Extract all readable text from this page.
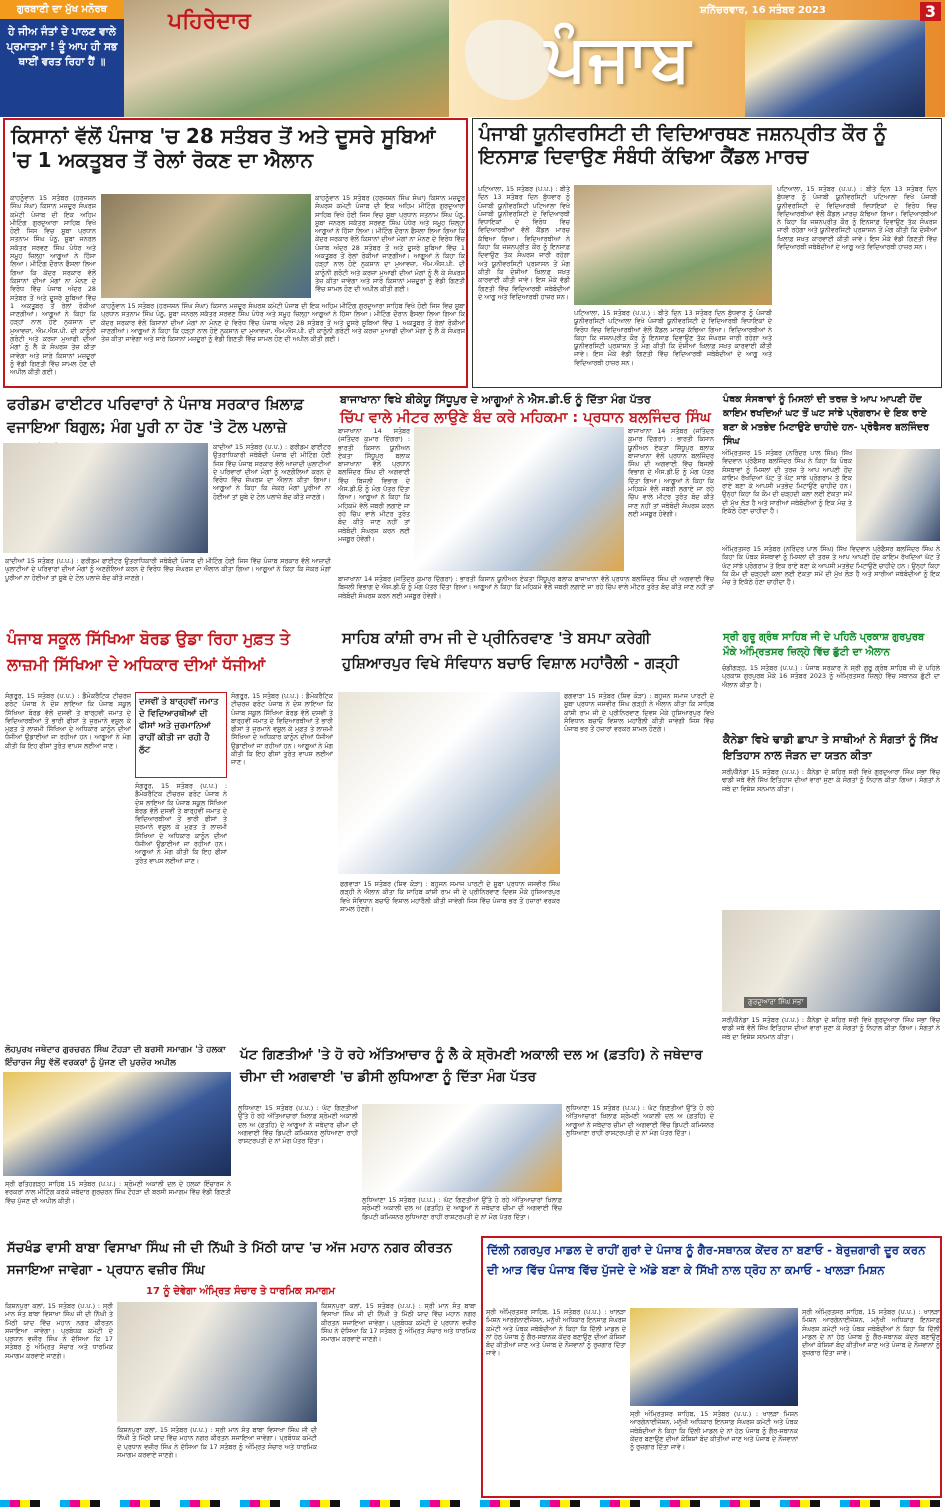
ਗੁਰਬਾਣੀ ਦਾ ਮੁੱਖ ਮਨੋਰਥ
ਹੇ ਜੀਅ ਜੰਤਾਂ ਦੇ ਪਾਲਣ ਵਾਲੇ ਪ੍ਰਮਾਤਮਾ ! ਤੂੰ ਆਪ ਹੀ ਸਭ ਥਾਈਂ ਵਰਤ ਰਿਹਾ ਹੈਂ ॥
ਪਹਿਰੇਦਾਰ
ਪੰਜਾਬ
ਸ਼ਨਿੱਚਰਵਾਰ, 16 ਸਤੰਬਰ 2023	3
ਕਿਸਾਨਾਂ ਵੱਲੋਂ ਪੰਜਾਬ 'ਚ 28 ਸਤੰਬਰ ਤੋਂ ਅਤੇ ਦੂਸਰੇ ਸੂਬਿਆਂ 'ਚ 1 ਅਕਤੂਬਰ ਤੋਂ ਰੇਲਾਂ ਰੋਕਣ ਦਾ ਐਲਾਨ
ਕਾਹਨੂੰਵਾਨ 15 ਸਤੰਬਰ (ਹਰਜਸ਼ਨ ਸਿੰਘ ਸੰਘਾ) ਕਿਸਾਨ ਮਜ਼ਦੂਰ ਸੰਘਰਸ਼ ਕਮੇਟੀ ਪੰਜਾਬ ਦੀ ਇਕ ਅਹਿਮ ਮੀਟਿੰਗ ਗੁਰਦੁਆਰਾ ਸਾਹਿਬ ਵਿਖੇ ਹੋਈ ਜਿਸ ਵਿਚ ਸੂਬਾ ਪ੍ਰਧਾਨ ਸਤਨਾਮ ਸਿੰਘ ਪੰਨੂ, ਸੂਬਾ ਜਨਰਲ ਸਕੱਤਰ ਸਰਵਣ ਸਿੰਘ ਪੰਧੇਰ ਅਤੇ ਸਮੂਹ ਜ਼ਿਲ੍ਹਾ ਆਗੂਆਂ ਨੇ ਹਿੱਸਾ ਲਿਆ। ਮੀਟਿੰਗ ਦੌਰਾਨ ਫੈਸਲਾ ਲਿਆ ਗਿਆ ਕਿ ਕੇਂਦਰ ਸਰਕਾਰ ਵੱਲੋਂ ਕਿਸਾਨਾਂ ਦੀਆਂ ਮੰਗਾਂ ਨਾ ਮੰਨਣ ਦੇ ਵਿਰੋਧ ਵਿੱਚ ਪੰਜਾਬ ਅੰਦਰ 28 ਸਤੰਬਰ ਤੋਂ ਅਤੇ ਦੂਸਰੇ ਸੂਬਿਆਂ ਵਿੱਚ 1 ਅਕਤੂਬਰ ਤੋਂ ਰੇਲਾਂ ਰੋਕੀਆਂ ਜਾਣਗੀਆਂ। ਆਗੂਆਂ ਨੇ ਕਿਹਾ ਕਿ ਹੜ੍ਹਾਂ ਨਾਲ ਹੋਏ ਨੁਕਸਾਨ ਦਾ ਮੁਆਵਜ਼ਾ, ਐਮ.ਐਸ.ਪੀ. ਦੀ ਕਾਨੂੰਨੀ ਗਰੰਟੀ ਅਤੇ ਕਰਜ਼ਾ ਮੁਆਫੀ ਦੀਆਂ ਮੰਗਾਂ ਨੂੰ ਲੈ ਕੇ ਸੰਘਰਸ਼ ਤੇਜ਼ ਕੀਤਾ ਜਾਵੇਗਾ ਅਤੇ ਸਾਰੇ ਕਿਸਾਨਾਂ ਮਜ਼ਦੂਰਾਂ ਨੂੰ ਵੱਡੀ ਗਿਣਤੀ ਵਿੱਚ ਸ਼ਾਮਲ ਹੋਣ ਦੀ ਅਪੀਲ ਕੀਤੀ ਗਈ।
ਕਾਹਨੂੰਵਾਨ 15 ਸਤੰਬਰ (ਹਰਜਸ਼ਨ ਸਿੰਘ ਸੰਘਾ) ਕਿਸਾਨ ਮਜ਼ਦੂਰ ਸੰਘਰਸ਼ ਕਮੇਟੀ ਪੰਜਾਬ ਦੀ ਇਕ ਅਹਿਮ ਮੀਟਿੰਗ ਗੁਰਦੁਆਰਾ ਸਾਹਿਬ ਵਿਖੇ ਹੋਈ ਜਿਸ ਵਿਚ ਸੂਬਾ ਪ੍ਰਧਾਨ ਸਤਨਾਮ ਸਿੰਘ ਪੰਨੂ, ਸੂਬਾ ਜਨਰਲ ਸਕੱਤਰ ਸਰਵਣ ਸਿੰਘ ਪੰਧੇਰ ਅਤੇ ਸਮੂਹ ਜ਼ਿਲ੍ਹਾ ਆਗੂਆਂ ਨੇ ਹਿੱਸਾ ਲਿਆ। ਮੀਟਿੰਗ ਦੌਰਾਨ ਫੈਸਲਾ ਲਿਆ ਗਿਆ ਕਿ ਕੇਂਦਰ ਸਰਕਾਰ ਵੱਲੋਂ ਕਿਸਾਨਾਂ ਦੀਆਂ ਮੰਗਾਂ ਨਾ ਮੰਨਣ ਦੇ ਵਿਰੋਧ ਵਿੱਚ ਪੰਜਾਬ ਅੰਦਰ 28 ਸਤੰਬਰ ਤੋਂ ਅਤੇ ਦੂਸਰੇ ਸੂਬਿਆਂ ਵਿੱਚ 1 ਅਕਤੂਬਰ ਤੋਂ ਰੇਲਾਂ ਰੋਕੀਆਂ ਜਾਣਗੀਆਂ। ਆਗੂਆਂ ਨੇ ਕਿਹਾ ਕਿ ਹੜ੍ਹਾਂ ਨਾਲ ਹੋਏ ਨੁਕਸਾਨ ਦਾ ਮੁਆਵਜ਼ਾ, ਐਮ.ਐਸ.ਪੀ. ਦੀ ਕਾਨੂੰਨੀ ਗਰੰਟੀ ਅਤੇ ਕਰਜ਼ਾ ਮੁਆਫੀ ਦੀਆਂ ਮੰਗਾਂ ਨੂੰ ਲੈ ਕੇ ਸੰਘਰਸ਼ ਤੇਜ਼ ਕੀਤਾ ਜਾਵੇਗਾ ਅਤੇ ਸਾਰੇ ਕਿਸਾਨਾਂ ਮਜ਼ਦੂਰਾਂ ਨੂੰ ਵੱਡੀ ਗਿਣਤੀ ਵਿੱਚ ਸ਼ਾਮਲ ਹੋਣ ਦੀ ਅਪੀਲ ਕੀਤੀ ਗਈ।
ਕਾਹਨੂੰਵਾਨ 15 ਸਤੰਬਰ (ਹਰਜਸ਼ਨ ਸਿੰਘ ਸੰਘਾ) ਕਿਸਾਨ ਮਜ਼ਦੂਰ ਸੰਘਰਸ਼ ਕਮੇਟੀ ਪੰਜਾਬ ਦੀ ਇਕ ਅਹਿਮ ਮੀਟਿੰਗ ਗੁਰਦੁਆਰਾ ਸਾਹਿਬ ਵਿਖੇ ਹੋਈ ਜਿਸ ਵਿਚ ਸੂਬਾ ਪ੍ਰਧਾਨ ਸਤਨਾਮ ਸਿੰਘ ਪੰਨੂ, ਸੂਬਾ ਜਨਰਲ ਸਕੱਤਰ ਸਰਵਣ ਸਿੰਘ ਪੰਧੇਰ ਅਤੇ ਸਮੂਹ ਜ਼ਿਲ੍ਹਾ ਆਗੂਆਂ ਨੇ ਹਿੱਸਾ ਲਿਆ। ਮੀਟਿੰਗ ਦੌਰਾਨ ਫੈਸਲਾ ਲਿਆ ਗਿਆ ਕਿ ਕੇਂਦਰ ਸਰਕਾਰ ਵੱਲੋਂ ਕਿਸਾਨਾਂ ਦੀਆਂ ਮੰਗਾਂ ਨਾ ਮੰਨਣ ਦੇ ਵਿਰੋਧ ਵਿੱਚ ਪੰਜਾਬ ਅੰਦਰ 28 ਸਤੰਬਰ ਤੋਂ ਅਤੇ ਦੂਸਰੇ ਸੂਬਿਆਂ ਵਿੱਚ 1 ਅਕਤੂਬਰ ਤੋਂ ਰੇਲਾਂ ਰੋਕੀਆਂ ਜਾਣਗੀਆਂ। ਆਗੂਆਂ ਨੇ ਕਿਹਾ ਕਿ ਹੜ੍ਹਾਂ ਨਾਲ ਹੋਏ ਨੁਕਸਾਨ ਦਾ ਮੁਆਵਜ਼ਾ, ਐਮ.ਐਸ.ਪੀ. ਦੀ ਕਾਨੂੰਨੀ ਗਰੰਟੀ ਅਤੇ ਕਰਜ਼ਾ ਮੁਆਫੀ ਦੀਆਂ ਮੰਗਾਂ ਨੂੰ ਲੈ ਕੇ ਸੰਘਰਸ਼ ਤੇਜ਼ ਕੀਤਾ ਜਾਵੇਗਾ ਅਤੇ ਸਾਰੇ ਕਿਸਾਨਾਂ ਮਜ਼ਦੂਰਾਂ ਨੂੰ ਵੱਡੀ ਗਿਣਤੀ ਵਿੱਚ ਸ਼ਾਮਲ ਹੋਣ ਦੀ ਅਪੀਲ ਕੀਤੀ ਗਈ।
ਪੰਜਾਬੀ ਯੂਨੀਵਰਸਿਟੀ ਦੀ ਵਿਦਿਆਰਥਣ ਜਸ਼ਨਪ੍ਰੀਤ ਕੌਰ ਨੂੰ ਇਨਸਾਫ਼ ਦਿਵਾਉਣ ਸੰਬੰਧੀ ਕੱਢਿਆ ਕੈਂਡਲ ਮਾਰਚ
ਪਟਿਆਲਾ, 15 ਸਤੰਬਰ (ਪ.ਪ.) : ਬੀਤੇ ਦਿਨ 13 ਸਤੰਬਰ ਦਿਨ ਬੁੱਧਵਾਰ ਨੂੰ ਪੰਜਾਬੀ ਯੂਨੀਵਰਸਿਟੀ ਪਟਿਆਲਾ ਵਿਖੇ ਪੰਜਾਬੀ ਯੂਨੀਵਰਸਿਟੀ ਦੇ ਵਿਦਿਆਰਥੀ ਵਿਧਾਇਕਾਂ ਦੇ ਵਿਰੋਧ ਵਿਚ ਵਿਦਿਆਰਥੀਆਂ ਵੱਲੋਂ ਕੈਂਡਲ ਮਾਰਚ ਕੱਢਿਆ ਗਿਆ। ਵਿਦਿਆਰਥੀਆਂ ਨੇ ਕਿਹਾ ਕਿ ਜਸ਼ਨਪ੍ਰੀਤ ਕੌਰ ਨੂੰ ਇਨਸਾਫ਼ ਦਿਵਾਉਣ ਤੱਕ ਸੰਘਰਸ਼ ਜਾਰੀ ਰਹੇਗਾ ਅਤੇ ਯੂਨੀਵਰਸਿਟੀ ਪ੍ਰਸ਼ਾਸਨ ਤੋਂ ਮੰਗ ਕੀਤੀ ਕਿ ਦੋਸ਼ੀਆਂ ਖ਼ਿਲਾਫ਼ ਸਖ਼ਤ ਕਾਰਵਾਈ ਕੀਤੀ ਜਾਵੇ। ਇਸ ਮੌਕੇ ਵੱਡੀ ਗਿਣਤੀ ਵਿੱਚ ਵਿਦਿਆਰਥੀ ਜਥੇਬੰਦੀਆਂ ਦੇ ਆਗੂ ਅਤੇ ਵਿਦਿਆਰਥੀ ਹਾਜ਼ਰ ਸਨ।
ਪਟਿਆਲਾ, 15 ਸਤੰਬਰ (ਪ.ਪ.) : ਬੀਤੇ ਦਿਨ 13 ਸਤੰਬਰ ਦਿਨ ਬੁੱਧਵਾਰ ਨੂੰ ਪੰਜਾਬੀ ਯੂਨੀਵਰਸਿਟੀ ਪਟਿਆਲਾ ਵਿਖੇ ਪੰਜਾਬੀ ਯੂਨੀਵਰਸਿਟੀ ਦੇ ਵਿਦਿਆਰਥੀ ਵਿਧਾਇਕਾਂ ਦੇ ਵਿਰੋਧ ਵਿਚ ਵਿਦਿਆਰਥੀਆਂ ਵੱਲੋਂ ਕੈਂਡਲ ਮਾਰਚ ਕੱਢਿਆ ਗਿਆ। ਵਿਦਿਆਰਥੀਆਂ ਨੇ ਕਿਹਾ ਕਿ ਜਸ਼ਨਪ੍ਰੀਤ ਕੌਰ ਨੂੰ ਇਨਸਾਫ਼ ਦਿਵਾਉਣ ਤੱਕ ਸੰਘਰਸ਼ ਜਾਰੀ ਰਹੇਗਾ ਅਤੇ ਯੂਨੀਵਰਸਿਟੀ ਪ੍ਰਸ਼ਾਸਨ ਤੋਂ ਮੰਗ ਕੀਤੀ ਕਿ ਦੋਸ਼ੀਆਂ ਖ਼ਿਲਾਫ਼ ਸਖ਼ਤ ਕਾਰਵਾਈ ਕੀਤੀ ਜਾਵੇ। ਇਸ ਮੌਕੇ ਵੱਡੀ ਗਿਣਤੀ ਵਿੱਚ ਵਿਦਿਆਰਥੀ ਜਥੇਬੰਦੀਆਂ ਦੇ ਆਗੂ ਅਤੇ ਵਿਦਿਆਰਥੀ ਹਾਜ਼ਰ ਸਨ।
ਪਟਿਆਲਾ, 15 ਸਤੰਬਰ (ਪ.ਪ.) : ਬੀਤੇ ਦਿਨ 13 ਸਤੰਬਰ ਦਿਨ ਬੁੱਧਵਾਰ ਨੂੰ ਪੰਜਾਬੀ ਯੂਨੀਵਰਸਿਟੀ ਪਟਿਆਲਾ ਵਿਖੇ ਪੰਜਾਬੀ ਯੂਨੀਵਰਸਿਟੀ ਦੇ ਵਿਦਿਆਰਥੀ ਵਿਧਾਇਕਾਂ ਦੇ ਵਿਰੋਧ ਵਿਚ ਵਿਦਿਆਰਥੀਆਂ ਵੱਲੋਂ ਕੈਂਡਲ ਮਾਰਚ ਕੱਢਿਆ ਗਿਆ। ਵਿਦਿਆਰਥੀਆਂ ਨੇ ਕਿਹਾ ਕਿ ਜਸ਼ਨਪ੍ਰੀਤ ਕੌਰ ਨੂੰ ਇਨਸਾਫ਼ ਦਿਵਾਉਣ ਤੱਕ ਸੰਘਰਸ਼ ਜਾਰੀ ਰਹੇਗਾ ਅਤੇ ਯੂਨੀਵਰਸਿਟੀ ਪ੍ਰਸ਼ਾਸਨ ਤੋਂ ਮੰਗ ਕੀਤੀ ਕਿ ਦੋਸ਼ੀਆਂ ਖ਼ਿਲਾਫ਼ ਸਖ਼ਤ ਕਾਰਵਾਈ ਕੀਤੀ ਜਾਵੇ। ਇਸ ਮੌਕੇ ਵੱਡੀ ਗਿਣਤੀ ਵਿੱਚ ਵਿਦਿਆਰਥੀ ਜਥੇਬੰਦੀਆਂ ਦੇ ਆਗੂ ਅਤੇ ਵਿਦਿਆਰਥੀ ਹਾਜ਼ਰ ਸਨ।
ਫਰੀਡਮ ਫਾਈਟਰ ਪਰਿਵਾਰਾਂ ਨੇ ਪੰਜਾਬ ਸਰਕਾਰ ਖ਼ਿਲਾਫ਼ ਵਜਾਇਆ ਬਿਗੁਲ; ਮੰਗ ਪੂਰੀ ਨਾ ਹੋਣ 'ਤੇ ਟੋਲ ਪਲਾਜ਼ੇ
ਕਾਦੀਆਂ 15 ਸਤੰਬਰ (ਪ.ਪ.) : ਫਰੀਡਮ ਫਾਈਟਰ ਉਤਰਾਧਿਕਾਰੀ ਜਥੇਬੰਦੀ ਪੰਜਾਬ ਦੀ ਮੀਟਿੰਗ ਹੋਈ ਜਿਸ ਵਿੱਚ ਪੰਜਾਬ ਸਰਕਾਰ ਵੱਲੋਂ ਆਜ਼ਾਦੀ ਘੁਲਾਟੀਆਂ ਦੇ ਪਰਿਵਾਰਾਂ ਦੀਆਂ ਮੰਗਾਂ ਨੂੰ ਅਣਗੌਲਿਆਂ ਕਰਨ ਦੇ ਵਿਰੋਧ ਵਿੱਚ ਸੰਘਰਸ਼ ਦਾ ਐਲਾਨ ਕੀਤਾ ਗਿਆ। ਆਗੂਆਂ ਨੇ ਕਿਹਾ ਕਿ ਜੇਕਰ ਮੰਗਾਂ ਪੂਰੀਆਂ ਨਾ ਹੋਈਆਂ ਤਾਂ ਸੂਬੇ ਦੇ ਟੋਲ ਪਲਾਜ਼ੇ ਬੰਦ ਕੀਤੇ ਜਾਣਗੇ।
ਕਾਦੀਆਂ 15 ਸਤੰਬਰ (ਪ.ਪ.) : ਫਰੀਡਮ ਫਾਈਟਰ ਉਤਰਾਧਿਕਾਰੀ ਜਥੇਬੰਦੀ ਪੰਜਾਬ ਦੀ ਮੀਟਿੰਗ ਹੋਈ ਜਿਸ ਵਿੱਚ ਪੰਜਾਬ ਸਰਕਾਰ ਵੱਲੋਂ ਆਜ਼ਾਦੀ ਘੁਲਾਟੀਆਂ ਦੇ ਪਰਿਵਾਰਾਂ ਦੀਆਂ ਮੰਗਾਂ ਨੂੰ ਅਣਗੌਲਿਆਂ ਕਰਨ ਦੇ ਵਿਰੋਧ ਵਿੱਚ ਸੰਘਰਸ਼ ਦਾ ਐਲਾਨ ਕੀਤਾ ਗਿਆ। ਆਗੂਆਂ ਨੇ ਕਿਹਾ ਕਿ ਜੇਕਰ ਮੰਗਾਂ ਪੂਰੀਆਂ ਨਾ ਹੋਈਆਂ ਤਾਂ ਸੂਬੇ ਦੇ ਟੋਲ ਪਲਾਜ਼ੇ ਬੰਦ ਕੀਤੇ ਜਾਣਗੇ।
ਬਾਜਾਖਾਨਾ ਵਿਖੇ ਬੀਕੇਯੂ ਸਿੱਧੂਪੁਰ ਦੇ ਆਗੂਆਂ ਨੇ ਐਸ.ਡੀ.ਓ ਨੂੰ ਦਿੱਤਾ ਮੰਗ ਪੱਤਰ
ਚਿੱਪ ਵਾਲੇ ਮੀਟਰ ਲਾਉਣੇ ਬੰਦ ਕਰੇ ਮਹਿਕਮਾ : ਪ੍ਰਧਾਨ ਬਲਜਿੰਦਰ ਸਿੰਘ
ਬਾਜਾਖਾਨਾ 14 ਸਤੰਬਰ (ਜਤਿੰਦਰ ਕੁਮਾਰ ਦਿੱਗਰਾ) : ਭਾਰਤੀ ਕਿਸਾਨ ਯੂਨੀਅਨ ਏਕਤਾ ਸਿੱਧੂਪੁਰ ਬਲਾਕ ਬਾਜਾਖਾਨਾ ਵੱਲੋਂ ਪ੍ਰਧਾਨ ਬਲਜਿੰਦਰ ਸਿੰਘ ਦੀ ਅਗਵਾਈ ਵਿੱਚ ਬਿਜਲੀ ਵਿਭਾਗ ਦੇ ਐਸ.ਡੀ.ਓ ਨੂੰ ਮੰਗ ਪੱਤਰ ਦਿੱਤਾ ਗਿਆ। ਆਗੂਆਂ ਨੇ ਕਿਹਾ ਕਿ ਮਹਿਕਮੇ ਵੱਲੋਂ ਜਬਰੀ ਲਗਾਏ ਜਾ ਰਹੇ ਚਿੱਪ ਵਾਲੇ ਮੀਟਰ ਤੁਰੰਤ ਬੰਦ ਕੀਤੇ ਜਾਣ ਨਹੀਂ ਤਾਂ ਜਥੇਬੰਦੀ ਸੰਘਰਸ਼ ਕਰਨ ਲਈ ਮਜਬੂਰ ਹੋਵੇਗੀ।
ਬਾਜਾਖਾਨਾ 14 ਸਤੰਬਰ (ਜਤਿੰਦਰ ਕੁਮਾਰ ਦਿੱਗਰਾ) : ਭਾਰਤੀ ਕਿਸਾਨ ਯੂਨੀਅਨ ਏਕਤਾ ਸਿੱਧੂਪੁਰ ਬਲਾਕ ਬਾਜਾਖਾਨਾ ਵੱਲੋਂ ਪ੍ਰਧਾਨ ਬਲਜਿੰਦਰ ਸਿੰਘ ਦੀ ਅਗਵਾਈ ਵਿੱਚ ਬਿਜਲੀ ਵਿਭਾਗ ਦੇ ਐਸ.ਡੀ.ਓ ਨੂੰ ਮੰਗ ਪੱਤਰ ਦਿੱਤਾ ਗਿਆ। ਆਗੂਆਂ ਨੇ ਕਿਹਾ ਕਿ ਮਹਿਕਮੇ ਵੱਲੋਂ ਜਬਰੀ ਲਗਾਏ ਜਾ ਰਹੇ ਚਿੱਪ ਵਾਲੇ ਮੀਟਰ ਤੁਰੰਤ ਬੰਦ ਕੀਤੇ ਜਾਣ ਨਹੀਂ ਤਾਂ ਜਥੇਬੰਦੀ ਸੰਘਰਸ਼ ਕਰਨ ਲਈ ਮਜਬੂਰ ਹੋਵੇਗੀ।
ਬਾਜਾਖਾਨਾ 14 ਸਤੰਬਰ (ਜਤਿੰਦਰ ਕੁਮਾਰ ਦਿੱਗਰਾ) : ਭਾਰਤੀ ਕਿਸਾਨ ਯੂਨੀਅਨ ਏਕਤਾ ਸਿੱਧੂਪੁਰ ਬਲਾਕ ਬਾਜਾਖਾਨਾ ਵੱਲੋਂ ਪ੍ਰਧਾਨ ਬਲਜਿੰਦਰ ਸਿੰਘ ਦੀ ਅਗਵਾਈ ਵਿੱਚ ਬਿਜਲੀ ਵਿਭਾਗ ਦੇ ਐਸ.ਡੀ.ਓ ਨੂੰ ਮੰਗ ਪੱਤਰ ਦਿੱਤਾ ਗਿਆ। ਆਗੂਆਂ ਨੇ ਕਿਹਾ ਕਿ ਮਹਿਕਮੇ ਵੱਲੋਂ ਜਬਰੀ ਲਗਾਏ ਜਾ ਰਹੇ ਚਿੱਪ ਵਾਲੇ ਮੀਟਰ ਤੁਰੰਤ ਬੰਦ ਕੀਤੇ ਜਾਣ ਨਹੀਂ ਤਾਂ ਜਥੇਬੰਦੀ ਸੰਘਰਸ਼ ਕਰਨ ਲਈ ਮਜਬੂਰ ਹੋਵੇਗੀ।
ਪੰਥਕ ਸੰਸਥਾਵਾਂ ਨੂੰ ਮਿਸਲਾਂ ਦੀ ਤਰਜ਼ ਤੇ ਆਪ ਆਪਣੀ ਹੋਂਦ ਕਾਇਮ ਰਖਦਿਆਂ ਘਟ ਤੋਂ ਘਟ ਸਾਂਝੇ ਪ੍ਰੋਗਰਾਮ ਦੇ ਇਕ ਰਾਏ ਬਣਾ ਕੇ ਮਤਭੇਦ ਮਿਟਾਉਣੇ ਚਾਹੀਦੇ ਹਨ- ਪ੍ਰੋਫੈਸਰ ਬਲਜਿੰਦਰ ਸਿੰਘ
ਅੰਮ੍ਰਿਤਸਰ 15 ਸਤੰਬਰ (ਨਰਿੰਦਰ ਪਾਲ ਸਿੰਘ) ਸਿੱਖ ਵਿਦਵਾਨ ਪ੍ਰੋਫੈਸਰ ਬਲਜਿੰਦਰ ਸਿੰਘ ਨੇ ਕਿਹਾ ਕਿ ਪੰਥਕ ਸੰਸਥਾਵਾਂ ਨੂੰ ਮਿਸਲਾਂ ਦੀ ਤਰਜ਼ ਤੇ ਆਪ ਆਪਣੀ ਹੋਂਦ ਕਾਇਮ ਰੱਖਦਿਆਂ ਘੱਟ ਤੋਂ ਘੱਟ ਸਾਂਝੇ ਪ੍ਰੋਗਰਾਮ ਤੇ ਇਕ ਰਾਏ ਬਣਾ ਕੇ ਆਪਸੀ ਮਤਭੇਦ ਮਿਟਾਉਣੇ ਚਾਹੀਦੇ ਹਨ। ਉਨ੍ਹਾਂ ਕਿਹਾ ਕਿ ਕੌਮ ਦੀ ਚੜ੍ਹਦੀ ਕਲਾ ਲਈ ਏਕਤਾ ਸਮੇਂ ਦੀ ਮੁੱਖ ਲੋੜ ਹੈ ਅਤੇ ਸਾਰੀਆਂ ਜਥੇਬੰਦੀਆਂ ਨੂੰ ਇਕ ਮੰਚ ਤੇ ਇਕੱਠੇ ਹੋਣਾ ਚਾਹੀਦਾ ਹੈ।
ਅੰਮ੍ਰਿਤਸਰ 15 ਸਤੰਬਰ (ਨਰਿੰਦਰ ਪਾਲ ਸਿੰਘ) ਸਿੱਖ ਵਿਦਵਾਨ ਪ੍ਰੋਫੈਸਰ ਬਲਜਿੰਦਰ ਸਿੰਘ ਨੇ ਕਿਹਾ ਕਿ ਪੰਥਕ ਸੰਸਥਾਵਾਂ ਨੂੰ ਮਿਸਲਾਂ ਦੀ ਤਰਜ਼ ਤੇ ਆਪ ਆਪਣੀ ਹੋਂਦ ਕਾਇਮ ਰੱਖਦਿਆਂ ਘੱਟ ਤੋਂ ਘੱਟ ਸਾਂਝੇ ਪ੍ਰੋਗਰਾਮ ਤੇ ਇਕ ਰਾਏ ਬਣਾ ਕੇ ਆਪਸੀ ਮਤਭੇਦ ਮਿਟਾਉਣੇ ਚਾਹੀਦੇ ਹਨ। ਉਨ੍ਹਾਂ ਕਿਹਾ ਕਿ ਕੌਮ ਦੀ ਚੜ੍ਹਦੀ ਕਲਾ ਲਈ ਏਕਤਾ ਸਮੇਂ ਦੀ ਮੁੱਖ ਲੋੜ ਹੈ ਅਤੇ ਸਾਰੀਆਂ ਜਥੇਬੰਦੀਆਂ ਨੂੰ ਇਕ ਮੰਚ ਤੇ ਇਕੱਠੇ ਹੋਣਾ ਚਾਹੀਦਾ ਹੈ।
ਪੰਜਾਬ ਸਕੂਲ ਸਿੱਖਿਆ ਬੋਰਡ ਉਡਾ ਰਿਹਾ ਮੁਫ਼ਤ ਤੇ ਲਾਜ਼ਮੀ ਸਿੱਖਿਆ ਦੇ ਅਧਿਕਾਰ ਦੀਆਂ ਧੱਜੀਆਂ
ਸੰਗਰੂਰ, 15 ਸਤੰਬਰ (ਪ.ਪ.) : ਡੈਮੋਕਰੈਟਿਕ ਟੀਚਰਜ਼ ਫਰੰਟ ਪੰਜਾਬ ਨੇ ਦੋਸ਼ ਲਾਇਆ ਕਿ ਪੰਜਾਬ ਸਕੂਲ ਸਿੱਖਿਆ ਬੋਰਡ ਵੱਲੋਂ ਦਸਵੀਂ ਤੇ ਬਾਰ੍ਹਵੀਂ ਜਮਾਤ ਦੇ ਵਿਦਿਆਰਥੀਆਂ ਤੋਂ ਭਾਰੀ ਫੀਸਾਂ ਤੇ ਜੁਰਮਾਨੇ ਵਸੂਲ ਕੇ ਮੁਫ਼ਤ ਤੇ ਲਾਜ਼ਮੀ ਸਿੱਖਿਆ ਦੇ ਅਧਿਕਾਰ ਕਾਨੂੰਨ ਦੀਆਂ ਧੱਜੀਆਂ ਉਡਾਈਆਂ ਜਾ ਰਹੀਆਂ ਹਨ। ਆਗੂਆਂ ਨੇ ਮੰਗ ਕੀਤੀ ਕਿ ਇਹ ਫੀਸਾਂ ਤੁਰੰਤ ਵਾਪਸ ਲਈਆਂ ਜਾਣ।
ਦਸਵੀਂ ਤੇ ਬਾਰ੍ਹਵੀਂ ਜਮਾਤ ਦੇ ਵਿਦਿਆਰਥੀਆਂ ਦੀ ਫੀਸਾਂ ਅਤੇ ਜੁਰਮਾਨਿਆਂ ਰਾਹੀਂ ਕੀਤੀ ਜਾ ਰਹੀ ਹੈ ਲੁੱਟ
ਸੰਗਰੂਰ, 15 ਸਤੰਬਰ (ਪ.ਪ.) : ਡੈਮੋਕਰੈਟਿਕ ਟੀਚਰਜ਼ ਫਰੰਟ ਪੰਜਾਬ ਨੇ ਦੋਸ਼ ਲਾਇਆ ਕਿ ਪੰਜਾਬ ਸਕੂਲ ਸਿੱਖਿਆ ਬੋਰਡ ਵੱਲੋਂ ਦਸਵੀਂ ਤੇ ਬਾਰ੍ਹਵੀਂ ਜਮਾਤ ਦੇ ਵਿਦਿਆਰਥੀਆਂ ਤੋਂ ਭਾਰੀ ਫੀਸਾਂ ਤੇ ਜੁਰਮਾਨੇ ਵਸੂਲ ਕੇ ਮੁਫ਼ਤ ਤੇ ਲਾਜ਼ਮੀ ਸਿੱਖਿਆ ਦੇ ਅਧਿਕਾਰ ਕਾਨੂੰਨ ਦੀਆਂ ਧੱਜੀਆਂ ਉਡਾਈਆਂ ਜਾ ਰਹੀਆਂ ਹਨ। ਆਗੂਆਂ ਨੇ ਮੰਗ ਕੀਤੀ ਕਿ ਇਹ ਫੀਸਾਂ ਤੁਰੰਤ ਵਾਪਸ ਲਈਆਂ ਜਾਣ।
ਸੰਗਰੂਰ, 15 ਸਤੰਬਰ (ਪ.ਪ.) : ਡੈਮੋਕਰੈਟਿਕ ਟੀਚਰਜ਼ ਫਰੰਟ ਪੰਜਾਬ ਨੇ ਦੋਸ਼ ਲਾਇਆ ਕਿ ਪੰਜਾਬ ਸਕੂਲ ਸਿੱਖਿਆ ਬੋਰਡ ਵੱਲੋਂ ਦਸਵੀਂ ਤੇ ਬਾਰ੍ਹਵੀਂ ਜਮਾਤ ਦੇ ਵਿਦਿਆਰਥੀਆਂ ਤੋਂ ਭਾਰੀ ਫੀਸਾਂ ਤੇ ਜੁਰਮਾਨੇ ਵਸੂਲ ਕੇ ਮੁਫ਼ਤ ਤੇ ਲਾਜ਼ਮੀ ਸਿੱਖਿਆ ਦੇ ਅਧਿਕਾਰ ਕਾਨੂੰਨ ਦੀਆਂ ਧੱਜੀਆਂ ਉਡਾਈਆਂ ਜਾ ਰਹੀਆਂ ਹਨ। ਆਗੂਆਂ ਨੇ ਮੰਗ ਕੀਤੀ ਕਿ ਇਹ ਫੀਸਾਂ ਤੁਰੰਤ ਵਾਪਸ ਲਈਆਂ ਜਾਣ।
ਸਾਹਿਬ ਕਾਂਸ਼ੀ ਰਾਮ ਜੀ ਦੇ ਪ੍ਰੀਨਿਰਵਾਣ 'ਤੇ ਬਸਪਾ ਕਰੇਗੀ ਹੁਸ਼ਿਆਰਪੁਰ ਵਿਖੇ ਸੰਵਿਧਾਨ ਬਚਾਓ ਵਿਸ਼ਾਲ ਮਹਾਂਰੈਲੀ - ਗੜ੍ਹੀ
ਫਗਵਾੜਾ 15 ਸਤੰਬਰ (ਸ਼ਿਵ ਕੋੜਾ) : ਬਹੁਜਨ ਸਮਾਜ ਪਾਰਟੀ ਦੇ ਸੂਬਾ ਪ੍ਰਧਾਨ ਜਸਵੀਰ ਸਿੰਘ ਗੜ੍ਹੀ ਨੇ ਐਲਾਨ ਕੀਤਾ ਕਿ ਸਾਹਿਬ ਕਾਂਸ਼ੀ ਰਾਮ ਜੀ ਦੇ ਪ੍ਰੀਨਿਰਵਾਣ ਦਿਵਸ ਮੌਕੇ ਹੁਸ਼ਿਆਰਪੁਰ ਵਿਖੇ ਸੰਵਿਧਾਨ ਬਚਾਓ ਵਿਸ਼ਾਲ ਮਹਾਂਰੈਲੀ ਕੀਤੀ ਜਾਵੇਗੀ ਜਿਸ ਵਿੱਚ ਪੰਜਾਬ ਭਰ ਤੋਂ ਹਜ਼ਾਰਾਂ ਵਰਕਰ ਸ਼ਾਮਲ ਹੋਣਗੇ।
ਫਗਵਾੜਾ 15 ਸਤੰਬਰ (ਸ਼ਿਵ ਕੋੜਾ) : ਬਹੁਜਨ ਸਮਾਜ ਪਾਰਟੀ ਦੇ ਸੂਬਾ ਪ੍ਰਧਾਨ ਜਸਵੀਰ ਸਿੰਘ ਗੜ੍ਹੀ ਨੇ ਐਲਾਨ ਕੀਤਾ ਕਿ ਸਾਹਿਬ ਕਾਂਸ਼ੀ ਰਾਮ ਜੀ ਦੇ ਪ੍ਰੀਨਿਰਵਾਣ ਦਿਵਸ ਮੌਕੇ ਹੁਸ਼ਿਆਰਪੁਰ ਵਿਖੇ ਸੰਵਿਧਾਨ ਬਚਾਓ ਵਿਸ਼ਾਲ ਮਹਾਂਰੈਲੀ ਕੀਤੀ ਜਾਵੇਗੀ ਜਿਸ ਵਿੱਚ ਪੰਜਾਬ ਭਰ ਤੋਂ ਹਜ਼ਾਰਾਂ ਵਰਕਰ ਸ਼ਾਮਲ ਹੋਣਗੇ।
ਸ੍ਰੀ ਗੁਰੂ ਗ੍ਰੰਥ ਸਾਹਿਬ ਜੀ ਦੇ ਪਹਿਲੇ ਪ੍ਰਕਾਸ਼ ਗੁਰਪੁਰਬ ਮੌਕੇ ਅੰਮ੍ਰਿਤਸਰ ਜ਼ਿਲ੍ਹੇ ਵਿੱਚ ਛੁੱਟੀ ਦਾ ਐਲਾਨ
ਚੰਡੀਗੜ੍ਹ, 15 ਸਤੰਬਰ (ਪ.ਪ.) : ਪੰਜਾਬ ਸਰਕਾਰ ਨੇ ਸ੍ਰੀ ਗੁਰੂ ਗ੍ਰੰਥ ਸਾਹਿਬ ਜੀ ਦੇ ਪਹਿਲੇ ਪ੍ਰਕਾਸ਼ ਗੁਰਪੁਰਬ ਮੌਕੇ 16 ਸਤੰਬਰ 2023 ਨੂੰ ਅੰਮ੍ਰਿਤਸਰ ਜ਼ਿਲ੍ਹੇ ਵਿੱਚ ਸਥਾਨਕ ਛੁੱਟੀ ਦਾ ਐਲਾਨ ਕੀਤਾ ਹੈ।
ਕੈਨੇਡਾ ਵਿਖੇ ਢਾਡੀ ਛਾਪਾ ਤੇ ਸਾਥੀਆਂ ਨੇ ਸੰਗਤਾਂ ਨੂੰ ਸਿੱਖ ਇਤਿਹਾਸ ਨਾਲ ਜੋੜਨ ਦਾ ਯਤਨ ਕੀਤਾ
ਸਰੀ/ਕੈਨੇਡਾ 15 ਸਤੰਬਰ (ਪ.ਪ.) : ਕੈਨੇਡਾ ਦੇ ਸ਼ਹਿਰ ਸਰੀ ਵਿਖੇ ਗੁਰਦੁਆਰਾ ਸਿੰਘ ਸਭਾ ਵਿੱਚ ਢਾਡੀ ਜਥੇ ਵੱਲੋਂ ਸਿੱਖ ਇਤਿਹਾਸ ਦੀਆਂ ਵਾਰਾਂ ਸੁਣਾ ਕੇ ਸੰਗਤਾਂ ਨੂੰ ਨਿਹਾਲ ਕੀਤਾ ਗਿਆ। ਸੰਗਤਾਂ ਨੇ ਜਥੇ ਦਾ ਵਿਸ਼ੇਸ਼ ਸਨਮਾਨ ਕੀਤਾ।
ਗੁਰਦੁਆਰਾ ਸਿੰਘ ਸਭਾ
ਸਰੀ/ਕੈਨੇਡਾ 15 ਸਤੰਬਰ (ਪ.ਪ.) : ਕੈਨੇਡਾ ਦੇ ਸ਼ਹਿਰ ਸਰੀ ਵਿਖੇ ਗੁਰਦੁਆਰਾ ਸਿੰਘ ਸਭਾ ਵਿੱਚ ਢਾਡੀ ਜਥੇ ਵੱਲੋਂ ਸਿੱਖ ਇਤਿਹਾਸ ਦੀਆਂ ਵਾਰਾਂ ਸੁਣਾ ਕੇ ਸੰਗਤਾਂ ਨੂੰ ਨਿਹਾਲ ਕੀਤਾ ਗਿਆ। ਸੰਗਤਾਂ ਨੇ ਜਥੇ ਦਾ ਵਿਸ਼ੇਸ਼ ਸਨਮਾਨ ਕੀਤਾ।
ਲੋਹਪੁਰਖ ਜਥੇਦਾਰ ਗੁਰਚਰਨ ਸਿੰਘ ਟੌਹੜਾ ਦੀ ਬਰਸੀ ਸਮਾਗਮ 'ਤੇ ਹਲਕਾ ਇੰਚਾਰਜ ਸੰਧੂ ਵੱਲੋਂ ਵਰਕਰਾਂ ਨੂੰ ਪੁੱਜਣ ਦੀ ਪੁਰਜ਼ੋਰ ਅਪੀਲ
ਸ੍ਰੀ ਫਤਿਹਗੜ੍ਹ ਸਾਹਿਬ 15 ਸਤੰਬਰ (ਪ.ਪ.) : ਸ਼੍ਰੋਮਣੀ ਅਕਾਲੀ ਦਲ ਦੇ ਹਲਕਾ ਇੰਚਾਰਜ ਨੇ ਵਰਕਰਾਂ ਨਾਲ ਮੀਟਿੰਗ ਕਰਕੇ ਜਥੇਦਾਰ ਗੁਰਚਰਨ ਸਿੰਘ ਟੌਹੜਾ ਦੀ ਬਰਸੀ ਸਮਾਗਮ ਵਿੱਚ ਵੱਡੀ ਗਿਣਤੀ ਵਿੱਚ ਪੁੱਜਣ ਦੀ ਅਪੀਲ ਕੀਤੀ।
ਪੱਟ ਗਿਣਤੀਆਂ 'ਤੇ ਹੋ ਰਹੇ ਅੱਤਿਆਚਾਰ ਨੂੰ ਲੈ ਕੇ ਸ਼੍ਰੋਮਣੀ ਅਕਾਲੀ ਦਲ ਅ (ਫ਼ਤਹਿ) ਨੇ ਜਥੇਦਾਰ ਚੀਮਾ ਦੀ ਅਗਵਾਈ 'ਚ ਡੀਸੀ ਲੁਧਿਆਣਾ ਨੂੰ ਦਿੱਤਾ ਮੰਗ ਪੱਤਰ
ਲੁਧਿਆਣਾ 15 ਸਤੰਬਰ (ਪ.ਪ.) : ਘੱਟ ਗਿਣਤੀਆਂ ਉੱਤੇ ਹੋ ਰਹੇ ਅੱਤਿਆਚਾਰਾਂ ਖ਼ਿਲਾਫ਼ ਸ਼੍ਰੋਮਣੀ ਅਕਾਲੀ ਦਲ ਅ (ਫ਼ਤਹਿ) ਦੇ ਆਗੂਆਂ ਨੇ ਜਥੇਦਾਰ ਚੀਮਾ ਦੀ ਅਗਵਾਈ ਵਿੱਚ ਡਿਪਟੀ ਕਮਿਸ਼ਨਰ ਲੁਧਿਆਣਾ ਰਾਹੀਂ ਰਾਸ਼ਟਰਪਤੀ ਦੇ ਨਾਂ ਮੰਗ ਪੱਤਰ ਦਿੱਤਾ।
ਲੁਧਿਆਣਾ 15 ਸਤੰਬਰ (ਪ.ਪ.) : ਘੱਟ ਗਿਣਤੀਆਂ ਉੱਤੇ ਹੋ ਰਹੇ ਅੱਤਿਆਚਾਰਾਂ ਖ਼ਿਲਾਫ਼ ਸ਼੍ਰੋਮਣੀ ਅਕਾਲੀ ਦਲ ਅ (ਫ਼ਤਹਿ) ਦੇ ਆਗੂਆਂ ਨੇ ਜਥੇਦਾਰ ਚੀਮਾ ਦੀ ਅਗਵਾਈ ਵਿੱਚ ਡਿਪਟੀ ਕਮਿਸ਼ਨਰ ਲੁਧਿਆਣਾ ਰਾਹੀਂ ਰਾਸ਼ਟਰਪਤੀ ਦੇ ਨਾਂ ਮੰਗ ਪੱਤਰ ਦਿੱਤਾ।
ਲੁਧਿਆਣਾ 15 ਸਤੰਬਰ (ਪ.ਪ.) : ਘੱਟ ਗਿਣਤੀਆਂ ਉੱਤੇ ਹੋ ਰਹੇ ਅੱਤਿਆਚਾਰਾਂ ਖ਼ਿਲਾਫ਼ ਸ਼੍ਰੋਮਣੀ ਅਕਾਲੀ ਦਲ ਅ (ਫ਼ਤਹਿ) ਦੇ ਆਗੂਆਂ ਨੇ ਜਥੇਦਾਰ ਚੀਮਾ ਦੀ ਅਗਵਾਈ ਵਿੱਚ ਡਿਪਟੀ ਕਮਿਸ਼ਨਰ ਲੁਧਿਆਣਾ ਰਾਹੀਂ ਰਾਸ਼ਟਰਪਤੀ ਦੇ ਨਾਂ ਮੰਗ ਪੱਤਰ ਦਿੱਤਾ।
ਸੱਚਖੰਡ ਵਾਸੀ ਬਾਬਾ ਵਿਸਾਖਾ ਸਿੰਘ ਜੀ ਦੀ ਨਿੱਘੀ ਤੇ ਮਿੱਠੀ ਯਾਦ 'ਚ ਅੱਜ ਮਹਾਨ ਨਗਰ ਕੀਰਤਨ ਸਜਾਇਆ ਜਾਵੇਗਾ - ਪ੍ਰਧਾਨ ਵਜ਼ੀਰ ਸਿੰਘ
17 ਨੂੰ ਦੇਵੇਗਾ ਅੰਮ੍ਰਿਤ ਸੰਚਾਰ ਤੇ ਧਾਰਮਿਕ ਸਮਾਗਮ
ਕਿਸ਼ਨਪੁਰਾ ਕਲਾਂ, 15 ਸਤੰਬਰ (ਪ.ਪ.) : ਸ੍ਰੀ ਮਾਨ ਸੰਤ ਬਾਬਾ ਵਿਸਾਖਾ ਸਿੰਘ ਜੀ ਦੀ ਨਿੱਘੀ ਤੇ ਮਿੱਠੀ ਯਾਦ ਵਿੱਚ ਮਹਾਨ ਨਗਰ ਕੀਰਤਨ ਸਜਾਇਆ ਜਾਵੇਗਾ। ਪ੍ਰਬੰਧਕ ਕਮੇਟੀ ਦੇ ਪ੍ਰਧਾਨ ਵਜ਼ੀਰ ਸਿੰਘ ਨੇ ਦੱਸਿਆ ਕਿ 17 ਸਤੰਬਰ ਨੂੰ ਅੰਮ੍ਰਿਤ ਸੰਚਾਰ ਅਤੇ ਧਾਰਮਿਕ ਸਮਾਗਮ ਕਰਵਾਏ ਜਾਣਗੇ।
ਕਿਸ਼ਨਪੁਰਾ ਕਲਾਂ, 15 ਸਤੰਬਰ (ਪ.ਪ.) : ਸ੍ਰੀ ਮਾਨ ਸੰਤ ਬਾਬਾ ਵਿਸਾਖਾ ਸਿੰਘ ਜੀ ਦੀ ਨਿੱਘੀ ਤੇ ਮਿੱਠੀ ਯਾਦ ਵਿੱਚ ਮਹਾਨ ਨਗਰ ਕੀਰਤਨ ਸਜਾਇਆ ਜਾਵੇਗਾ। ਪ੍ਰਬੰਧਕ ਕਮੇਟੀ ਦੇ ਪ੍ਰਧਾਨ ਵਜ਼ੀਰ ਸਿੰਘ ਨੇ ਦੱਸਿਆ ਕਿ 17 ਸਤੰਬਰ ਨੂੰ ਅੰਮ੍ਰਿਤ ਸੰਚਾਰ ਅਤੇ ਧਾਰਮਿਕ ਸਮਾਗਮ ਕਰਵਾਏ ਜਾਣਗੇ।
ਕਿਸ਼ਨਪੁਰਾ ਕਲਾਂ, 15 ਸਤੰਬਰ (ਪ.ਪ.) : ਸ੍ਰੀ ਮਾਨ ਸੰਤ ਬਾਬਾ ਵਿਸਾਖਾ ਸਿੰਘ ਜੀ ਦੀ ਨਿੱਘੀ ਤੇ ਮਿੱਠੀ ਯਾਦ ਵਿੱਚ ਮਹਾਨ ਨਗਰ ਕੀਰਤਨ ਸਜਾਇਆ ਜਾਵੇਗਾ। ਪ੍ਰਬੰਧਕ ਕਮੇਟੀ ਦੇ ਪ੍ਰਧਾਨ ਵਜ਼ੀਰ ਸਿੰਘ ਨੇ ਦੱਸਿਆ ਕਿ 17 ਸਤੰਬਰ ਨੂੰ ਅੰਮ੍ਰਿਤ ਸੰਚਾਰ ਅਤੇ ਧਾਰਮਿਕ ਸਮਾਗਮ ਕਰਵਾਏ ਜਾਣਗੇ।
ਦਿੱਲੀ ਨਗਰਪੁਰ ਮਾਡਲ ਦੇ ਰਾਹੀਂ ਗੁਰਾਂ ਦੇ ਪੰਜਾਬ ਨੂੰ ਗੈਰ-ਸਥਾਨਕ ਕੇਂਦਰ ਨਾ ਬਣਾਓ - ਬੇਰੁਜ਼ਗਾਰੀ ਦੂਰ ਕਰਨ ਦੀ ਆੜ ਵਿੱਚ ਪੰਜਾਬ ਵਿੱਚ ਪੁੱਜਦੇ ਦੇ ਅੱਡੇ ਬਣਾ ਕੇ ਸਿੱਖੀ ਨਾਲ ਧ੍ਰੋਹ ਨਾ ਕਮਾਓ - ਖਾਲੜਾ ਮਿਸ਼ਨ
ਸ੍ਰੀ ਅੰਮ੍ਰਿਤਸਰ ਸਾਹਿਬ, 15 ਸਤੰਬਰ (ਪ.ਪ.) : ਖਾਲੜਾ ਮਿਸ਼ਨ ਆਰਗੇਨਾਈਜੇਸ਼ਨ, ਮਨੁੱਖੀ ਅਧਿਕਾਰ ਇਨਸਾਫ਼ ਸੰਘਰਸ਼ ਕਮੇਟੀ ਅਤੇ ਪੰਥਕ ਜਥੇਬੰਦੀਆਂ ਨੇ ਕਿਹਾ ਕਿ ਦਿੱਲੀ ਮਾਡਲ ਦੇ ਨਾਂ ਹੇਠ ਪੰਜਾਬ ਨੂੰ ਗੈਰ-ਸਥਾਨਕ ਕੇਂਦਰ ਬਣਾਉਣ ਦੀਆਂ ਕੋਸ਼ਿਸ਼ਾਂ ਬੰਦ ਕੀਤੀਆਂ ਜਾਣ ਅਤੇ ਪੰਜਾਬ ਦੇ ਨੌਜਵਾਨਾਂ ਨੂੰ ਰੁਜ਼ਗਾਰ ਦਿੱਤਾ ਜਾਵੇ।
ਸ੍ਰੀ ਅੰਮ੍ਰਿਤਸਰ ਸਾਹਿਬ, 15 ਸਤੰਬਰ (ਪ.ਪ.) : ਖਾਲੜਾ ਮਿਸ਼ਨ ਆਰਗੇਨਾਈਜੇਸ਼ਨ, ਮਨੁੱਖੀ ਅਧਿਕਾਰ ਇਨਸਾਫ਼ ਸੰਘਰਸ਼ ਕਮੇਟੀ ਅਤੇ ਪੰਥਕ ਜਥੇਬੰਦੀਆਂ ਨੇ ਕਿਹਾ ਕਿ ਦਿੱਲੀ ਮਾਡਲ ਦੇ ਨਾਂ ਹੇਠ ਪੰਜਾਬ ਨੂੰ ਗੈਰ-ਸਥਾਨਕ ਕੇਂਦਰ ਬਣਾਉਣ ਦੀਆਂ ਕੋਸ਼ਿਸ਼ਾਂ ਬੰਦ ਕੀਤੀਆਂ ਜਾਣ ਅਤੇ ਪੰਜਾਬ ਦੇ ਨੌਜਵਾਨਾਂ ਨੂੰ ਰੁਜ਼ਗਾਰ ਦਿੱਤਾ ਜਾਵੇ।
ਸ੍ਰੀ ਅੰਮ੍ਰਿਤਸਰ ਸਾਹਿਬ, 15 ਸਤੰਬਰ (ਪ.ਪ.) : ਖਾਲੜਾ ਮਿਸ਼ਨ ਆਰਗੇਨਾਈਜੇਸ਼ਨ, ਮਨੁੱਖੀ ਅਧਿਕਾਰ ਇਨਸਾਫ਼ ਸੰਘਰਸ਼ ਕਮੇਟੀ ਅਤੇ ਪੰਥਕ ਜਥੇਬੰਦੀਆਂ ਨੇ ਕਿਹਾ ਕਿ ਦਿੱਲੀ ਮਾਡਲ ਦੇ ਨਾਂ ਹੇਠ ਪੰਜਾਬ ਨੂੰ ਗੈਰ-ਸਥਾਨਕ ਕੇਂਦਰ ਬਣਾਉਣ ਦੀਆਂ ਕੋਸ਼ਿਸ਼ਾਂ ਬੰਦ ਕੀਤੀਆਂ ਜਾਣ ਅਤੇ ਪੰਜਾਬ ਦੇ ਨੌਜਵਾਨਾਂ ਨੂੰ ਰੁਜ਼ਗਾਰ ਦਿੱਤਾ ਜਾਵੇ।
